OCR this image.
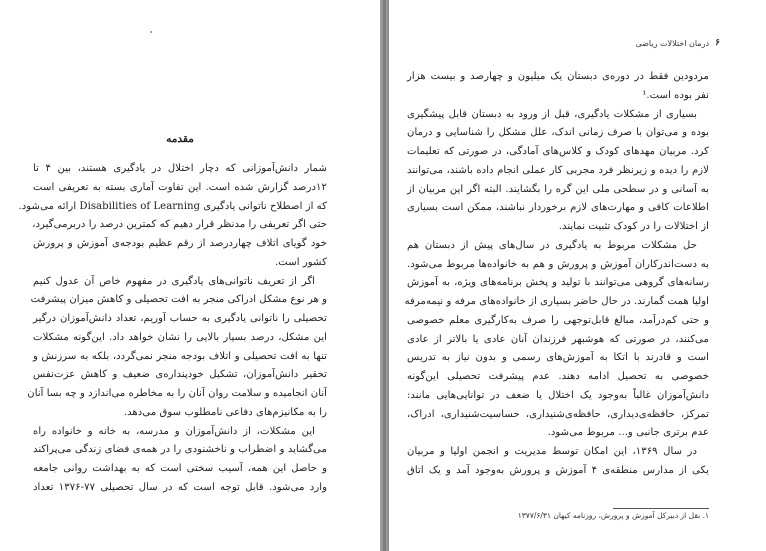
مقدمه
شمار دانش‌آموزانی که دچار اختلال در یادگیری هستند، بین ۴ تا
۱۲درصد گزارش شده است. این تفاوت آماری بسته به تعریفی است
که از اصطلاح ناتوانی یادگیری Disabilities of Learning ارائه می‌شود.
حتی اگر تعریفی را مدنظر قرار دهیم که کمترین درصد را دربرمی‌گیرد،
خود گویای اتلاف چهاردرصد از رقم عظیم بودجه‌ی آموزش و پرورش
کشور است.
اگر از تعریف ناتوانی‌های یادگیری در مفهوم خاص آن عدول کنیم
و هر نوع مشکل ادراکی منجر به افت تحصیلی و کاهش میزان پیشرفت
تحصیلی را ناتوانی یادگیری به حساب آوریم، تعداد دانش‌آموزان درگیر
این مشکل، درصد بسیار بالایی را نشان خواهد داد. این‌گونه مشکلات
تنها به افت تحصیلی و اتلاف بودجه منجر نمی‌گردد، بلکه به سرزنش و
تحقیر دانش‌آموزان، تشکیل خودپنداره‌ی ضعیف و کاهش عزت‌نفس
آنان انجامیده و سلامت روان آنان را به مخاطره می‌اندازد و چه بسا آنان
را به مکانیزم‌های دفاعی نامطلوب سوق می‌دهد.
این مشکلات، از دانش‌آموزان و مدرسه، به خانه و خانواده راه
می‌گشاید و اضطراب و ناخشنودی را در همه‌ی فضای زندگی می‌پراکند
و حاصل این همه، آسیب سختی است که به بهداشت روانی جامعه
وارد می‌شود. قابل توجه است که در سال تحصیلی ۷۷-۱۳۷۶ تعداد
۶
درمان اختلالات ریاضی
مردودین فقط در دوره‌ی دبستان یک میلیون و چهارصد و بیست هزار
نفر بوده است.¹
بسیاری از مشکلات یادگیری، قبل از ورود به دبستان قابل پیشگیری
بوده و می‌توان با صرف زمانی اندک، علل مشکل را شناسایی و درمان
کرد. مربیان مهدهای کودک و کلاس‌های آمادگی، در صورتی که تعلیمات
لازم را دیده و زیرنظر فرد مجربی کار عملی انجام داده باشند، می‌توانند
به آسانی و در سطحی ملی این گره را بگشایند. البته اگر این مربیان از
اطلاعات کافی و مهارت‌های لازم برخوردار نباشند، ممکن است بسیاری
از اختلالات را در کودک تثبیت نمایند.
حل مشکلات مربوط به یادگیری در سال‌های پیش از دبستان هم
به دست‌اندرکاران آموزش و پرورش و هم به خانواده‌ها مربوط می‌شود.
رسانه‌های گروهی می‌توانند با تولید و پخش برنامه‌های ویژه، به آموزش
اولیا همت گمارند. در حال حاضر بسیاری از خانواده‌های مرفه و نیمه‌مرفه
و حتی کم‌درآمد، مبالغ قابل‌توجهی را صرف به‌کارگیری معلم خصوصی
می‌کنند، در صورتی که هوشبهر فرزندان آنان عادی یا بالاتر از عادی
است و قادرند با اتکا به آموزش‌های رسمی و بدون نیاز به تدریس
خصوصی به تحصیل ادامه دهند. عدم پیشرفت تحصیلی این‌گونه
دانش‌آموزان غالباً به‌وجود یک اختلال یا ضعف در توانایی‌هایی مانند:
تمرکز، حافظه‌ی‌دیداری، حافظه‌ی‌شنیداری، حساسیت‌شنیداری، ادراک،
عدم برتری جانبی و... مربوط می‌شود.
در سال ۱۳۶۹، این امکان توسط مدیریت و انجمن اولیا و مربیان
یکی از مدارس منطقه‌ی ۴ آموزش و پرورش به‌وجود آمد و یک اتاق
۱. نقل از دبیرکل آموزش و پرورش، روزنامه کیهان ۱۳۷۷/۶/۳۱
